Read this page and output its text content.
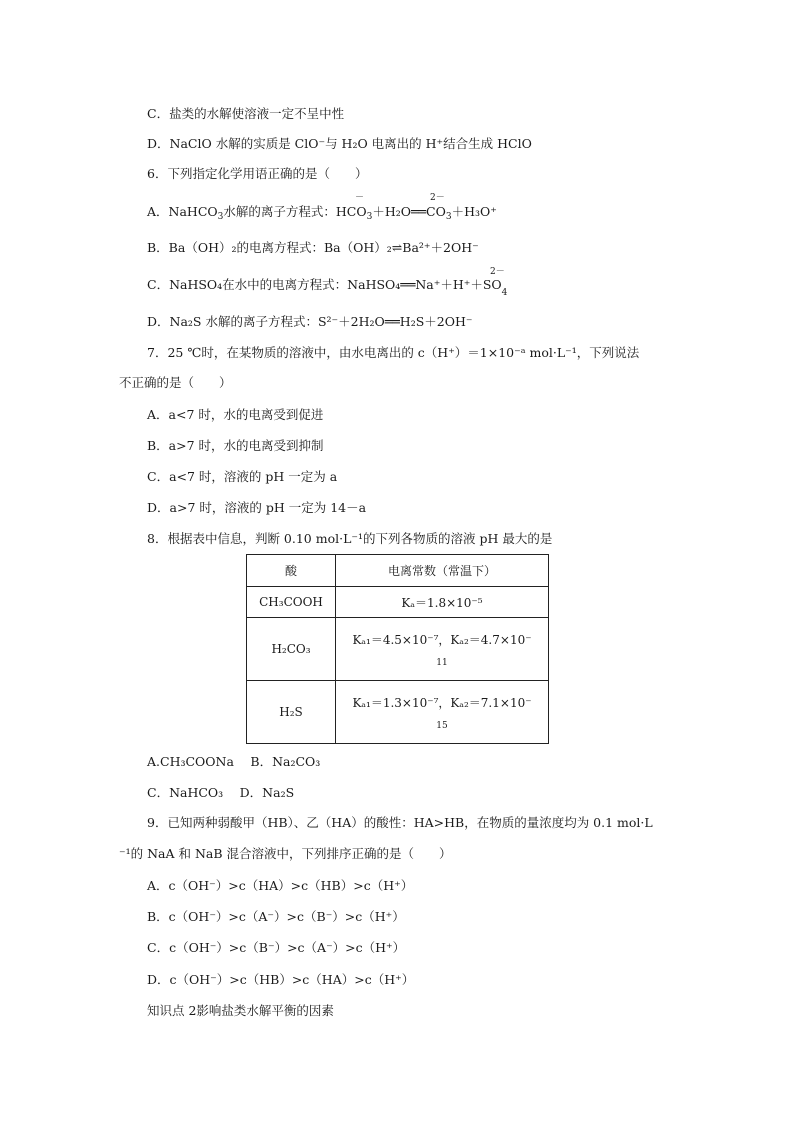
C．盐类的水解使溶液一定不呈中性
D．NaClO 水解的实质是 ClO⁻与 H₂O 电离出的 H⁺结合生成 HClO
6．下列指定化学用语正确的是（　　）
A．NaHCO$_3$水解的离子方程式：$HCO_3+H_2O══CO_3+H_3O^+$
－	2－
B．Ba（OH）₂的电离方程式：Ba（OH）₂⇌Ba²⁺＋2OH⁻
C．NaHSO₄在水中的电离方程式：$NaHSO_4══Na^++H^++SO_4$
2－
D．Na₂S 水解的离子方程式：S²⁻＋2H₂O══H₂S＋2OH⁻
7．25 ℃时，在某物质的溶液中，由水电离出的 c（H⁺）＝1×10⁻ᵃ mol·L⁻¹，下列说法
不正确的是（　　）
A．a<7 时，水的电离受到促进
B．a>7 时，水的电离受到抑制
C．a<7 时，溶液的 pH 一定为 a
D．a>7 时，溶液的 pH 一定为 14－a
8．根据表中信息，判断 0.10 mol·L⁻¹的下列各物质的溶液 pH 最大的是
酸	电离常数（常温下）
CH₃COOH	Kₐ＝1.8×10⁻⁵
H₂CO₃	Kₐ₁＝4.5×10⁻⁷，Kₐ₂＝4.7×10⁻
11

H₂S	Kₐ₁＝1.3×10⁻⁷，Kₐ₂＝7.1×10⁻
15
A.CH₃COONa　 B．Na₂CO₃
C．NaHCO₃　 D．Na₂S
9．已知两种弱酸甲（HB）、乙（HA）的酸性：HA>HB，在物质的量浓度均为 0.1 mol·L
⁻¹的 NaA 和 NaB 混合溶液中，下列排序正确的是（　　）
A．c（OH⁻）>c（HA）>c（HB）>c（H⁺）
B．c（OH⁻）>c（A⁻）>c（B⁻）>c（H⁺）
C．c（OH⁻）>c（B⁻）>c（A⁻）>c（H⁺）
D．c（OH⁻）>c（HB）>c（HA）>c（H⁺）
知识点 2影响盐类水解平衡的因素
